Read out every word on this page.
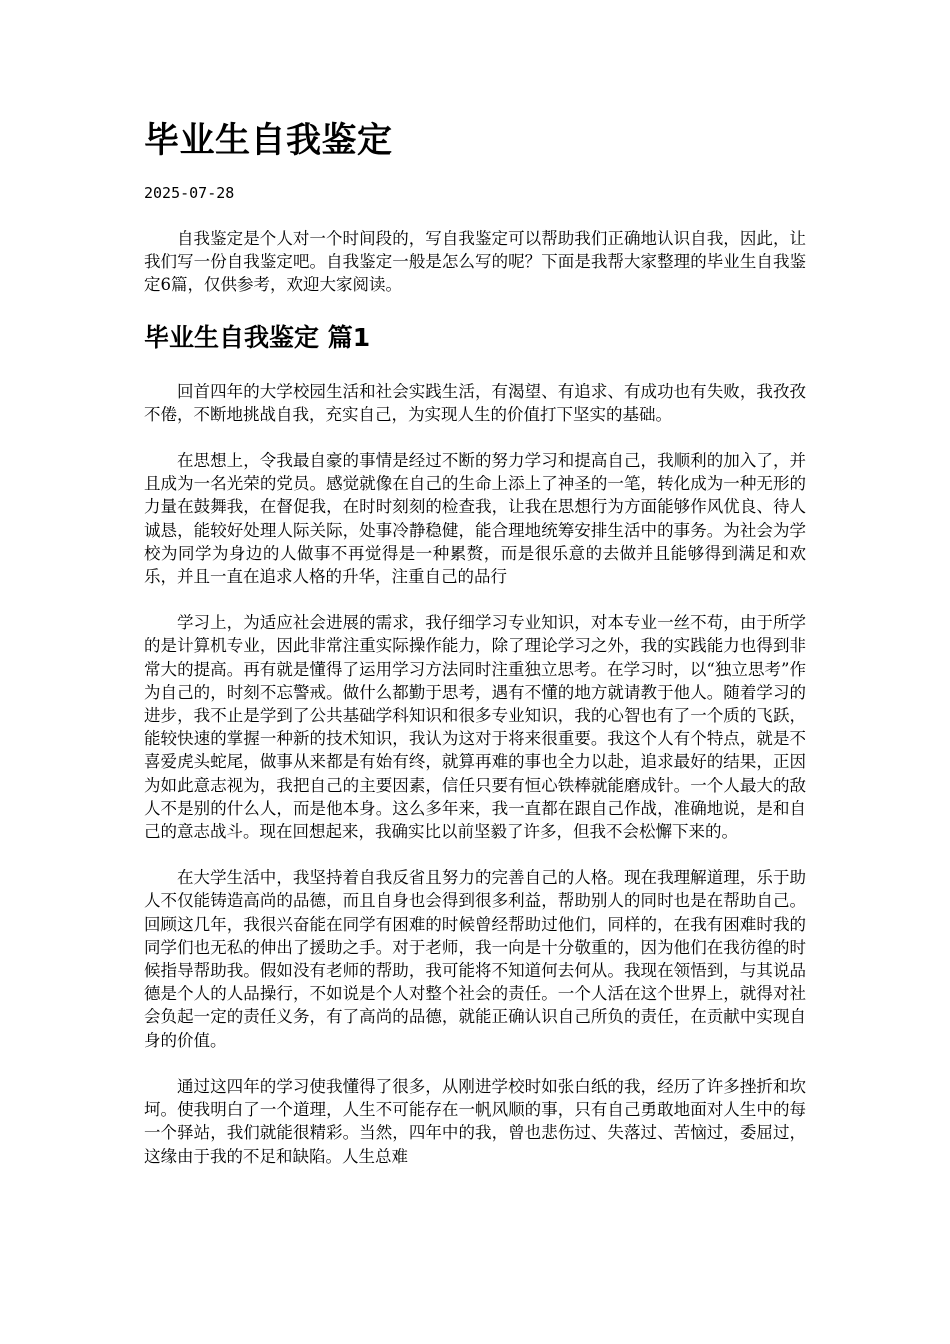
毕业生自我鉴定
2025-07-28

自我鉴定是个人对一个时间段的，写自我鉴定可以帮助我们正确地认识自我，因此，让我们写一份自我鉴定吧。自我鉴定一般是怎么写的呢？下面是我帮大家整理的毕业生自我鉴定6篇，仅供参考，欢迎大家阅读。

毕业生自我鉴定 篇1

回首四年的大学校园生活和社会实践生活，有渴望、有追求、有成功也有失败，我孜孜不倦，不断地挑战自我，充实自己，为实现人生的价值打下坚实的基础。

在思想上，令我最自豪的事情是经过不断的努力学习和提高自己，我顺利的加入了，并且成为一名光荣的党员。感觉就像在自己的生命上添上了神圣的一笔，转化成为一种无形的力量在鼓舞我，在督促我，在时时刻刻的检查我，让我在思想行为方面能够作风优良、待人诚恳，能较好处理人际关际，处事冷静稳健，能合理地统筹安排生活中的事务。为社会为学校为同学为身边的人做事不再觉得是一种累赘，而是很乐意的去做并且能够得到满足和欢乐，并且一直在追求人格的升华，注重自己的品行

学习上，为适应社会进展的需求，我仔细学习专业知识，对本专业一丝不苟，由于所学的是计算机专业，因此非常注重实际操作能力，除了理论学习之外，我的实践能力也得到非常大的提高。再有就是懂得了运用学习方法同时注重独立思考。在学习时，以“独立思考”作为自己的，时刻不忘警戒。做什么都勤于思考，遇有不懂的地方就请教于他人。随着学习的进步，我不止是学到了公共基础学科知识和很多专业知识，我的心智也有了一个质的飞跃，能较快速的掌握一种新的技术知识，我认为这对于将来很重要。我这个人有个特点，就是不喜爱虎头蛇尾，做事从来都是有始有终，就算再难的事也全力以赴，追求最好的结果，正因为如此意志视为，我把自己的主要因素，信任只要有恒心铁棒就能磨成针。一个人最大的敌人不是别的什么人，而是他本身。这么多年来，我一直都在跟自己作战，准确地说，是和自己的意志战斗。现在回想起来，我确实比以前坚毅了许多，但我不会松懈下来的。

在大学生活中，我坚持着自我反省且努力的完善自己的人格。现在我理解道理，乐于助人不仅能铸造高尚的品德，而且自身也会得到很多利益，帮助别人的同时也是在帮助自己。回顾这几年，我很兴奋能在同学有困难的时候曾经帮助过他们，同样的，在我有困难时我的同学们也无私的伸出了援助之手。对于老师，我一向是十分敬重的，因为他们在我彷徨的时候指导帮助我。假如没有老师的帮助，我可能将不知道何去何从。我现在领悟到，与其说品德是个人的人品操行，不如说是个人对整个社会的责任。一个人活在这个世界上，就得对社会负起一定的责任义务，有了高尚的品德，就能正确认识自己所负的责任，在贡献中实现自身的价值。

通过这四年的学习使我懂得了很多，从刚进学校时如张白纸的我，经历了许多挫折和坎坷。使我明白了一个道理，人生不可能存在一帆风顺的事，只有自己勇敢地面对人生中的每一个驿站，我们就能很精彩。当然，四年中的我，曾也悲伤过、失落过、苦恼过，委屈过，这缘由于我的不足和缺陷。人生总难
